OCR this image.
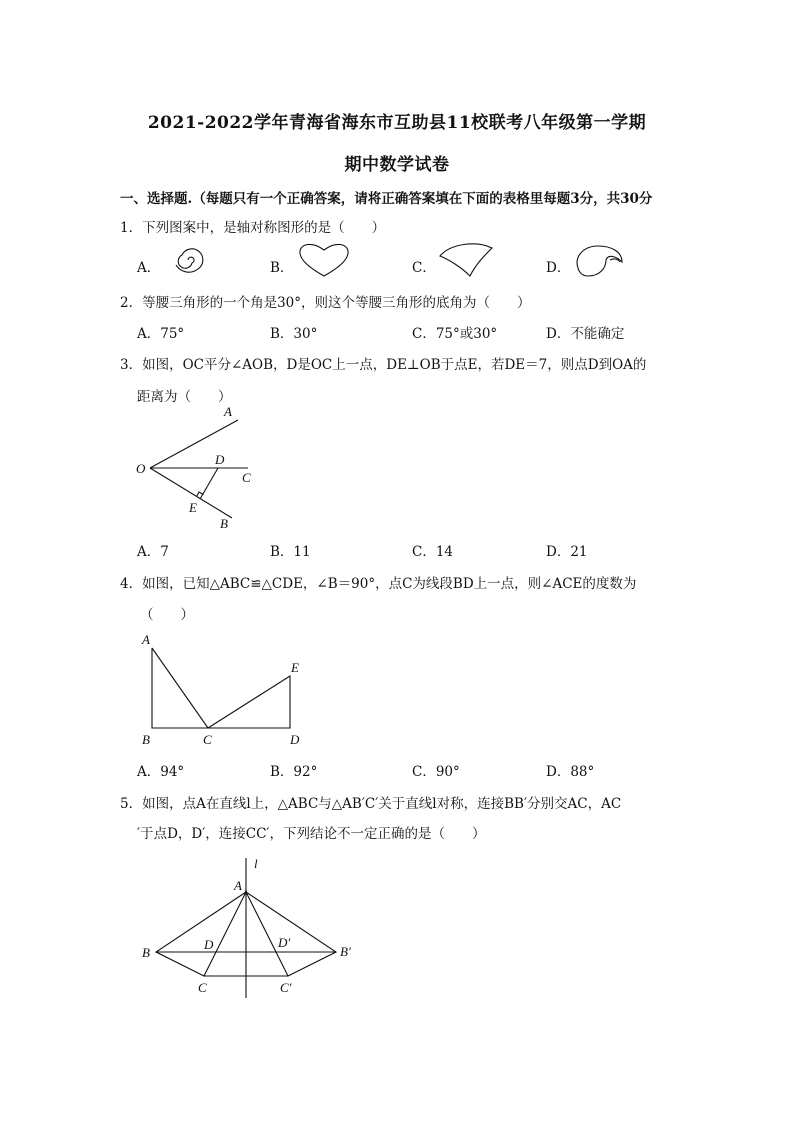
2021-2022学年青海省海东市互助县11校联考八年级第一学期
期中数学试卷
一、选择题.（每题只有一个正确答案，请将正确答案填在下面的表格里每题3分，共30分
1．下列图案中，是轴对称图形的是（　　）
A．	B．	C．	D．
2．等腰三角形的一个角是30°，则这个等腰三角形的底角为（　　）
A．75°	B．30°	C．75°或30°	D．不能确定
3．如图，OC平分∠AOB，D是OC上一点，DE⊥OB于点E，若DE＝7，则点D到OA的
距离为（　　）
A
O
D
C
E
B
A．7	B．11	C．14	D．21
4．如图，已知△ABC≌△CDE，∠B＝90°，点C为线段BD上一点，则∠ACE的度数为
（　　）
A
E
B	C	D
A．94°	B．92°	C．90°	D．88°
5．如图，点A在直线l上，△ABC与△AB′C′关于直线l对称，连接BB′分别交AC，AC
′于点D，D′，连接CC′，下列结论不一定正确的是（　　）
l
A
B
D	D′
B′
C	C′
